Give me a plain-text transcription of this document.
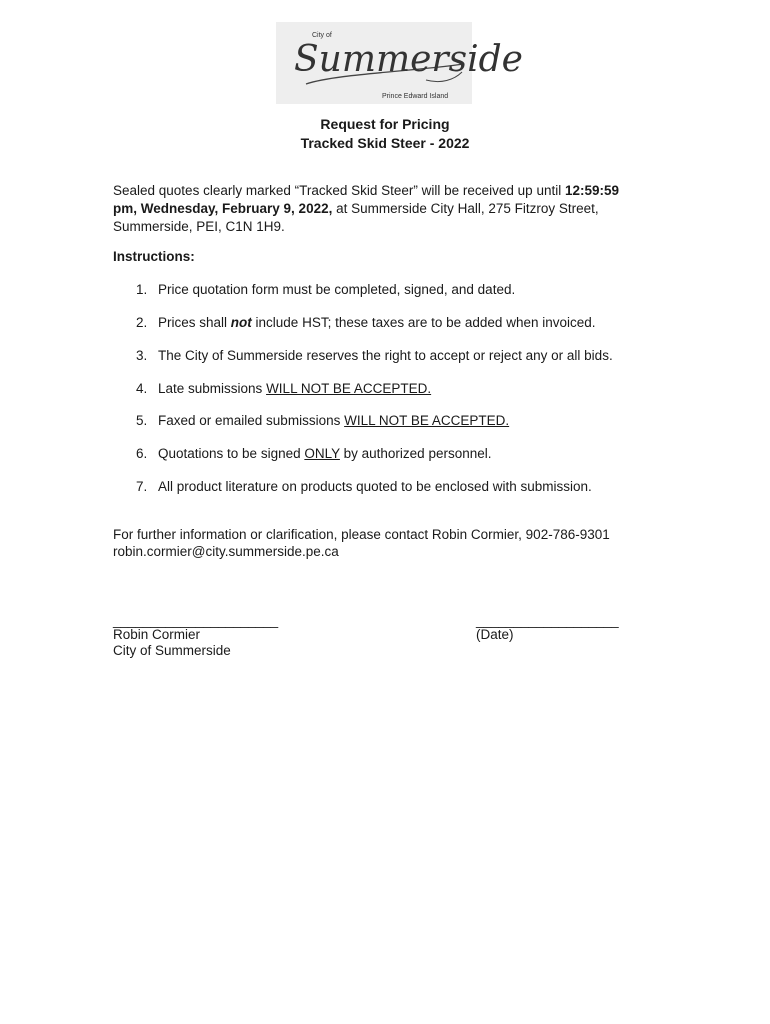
City of
Summerside
Prince Edward Island
Request for Pricing
Tracked Skid Steer - 2022
Sealed quotes clearly marked “Tracked Skid Steer” will be received up until 12:59:59 pm, Wednesday, February 9, 2022, at Summerside City Hall, 275 Fitzroy Street, Summerside, PEI, C1N 1H9.
Instructions:
1. Price quotation form must be completed, signed, and dated.
2. Prices shall not include HST; these taxes are to be added when invoiced.
3. The City of Summerside reserves the right to accept or reject any or all bids.
4. Late submissions WILL NOT BE ACCEPTED.
5. Faxed or emailed submissions WILL NOT BE ACCEPTED.
6. Quotations to be signed ONLY by authorized personnel.
7. All product literature on products quoted to be enclosed with submission.
For further information or clarification, please contact Robin Cormier, 902-786-9301
robin.cormier@city.summerside.pe.ca
______________________	___________________
Robin Cormier
City of Summerside
(Date)
